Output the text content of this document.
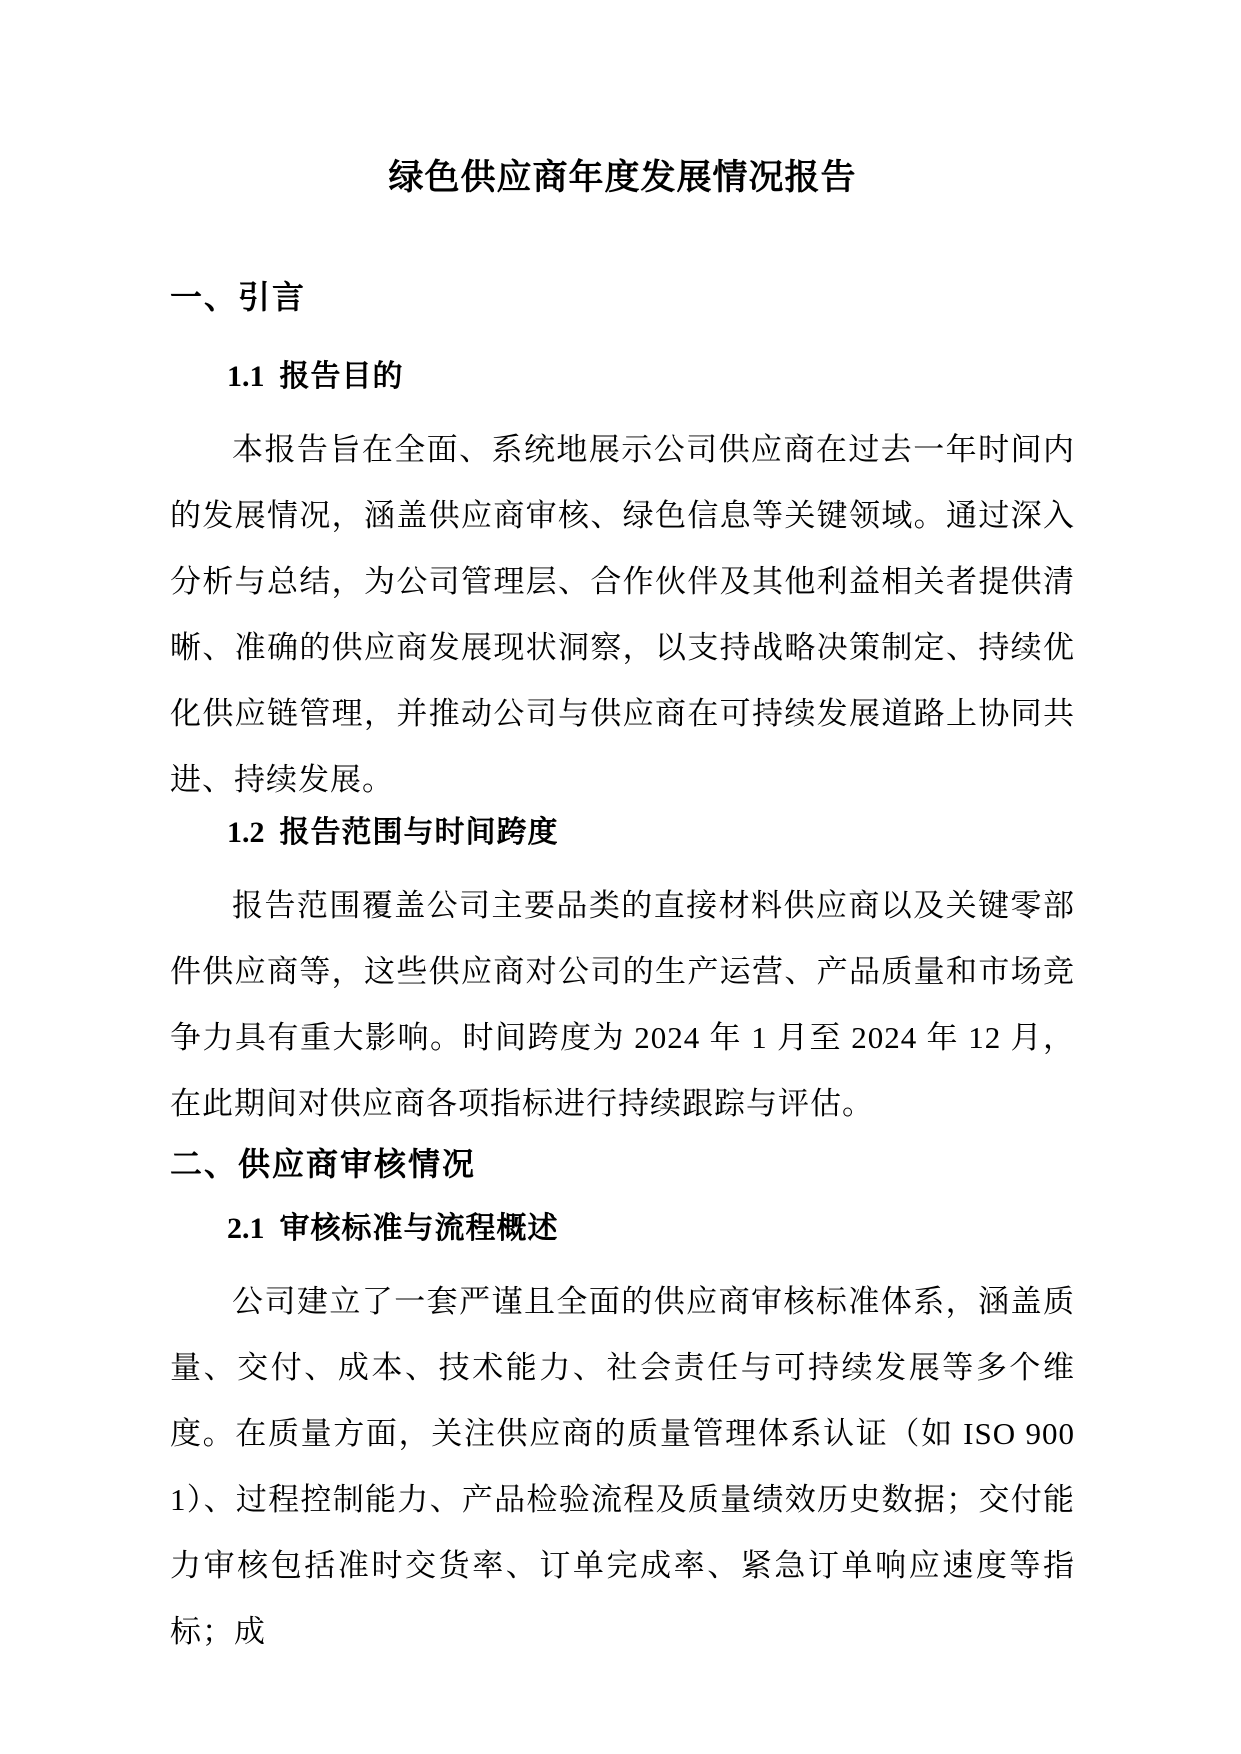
绿色供应商年度发展情况报告
一、引言
1.1 报告目的

本报告旨在全面、系统地展示公司供应商在过去一年时间内的发展情况，涵盖供应商审核、绿色信息等关键领域。通过深入分析与总结，为公司管理层、合作伙伴及其他利益相关者提供清晰、准确的供应商发展现状洞察，以支持战略决策制定、持续优化供应链管理，并推动公司与供应商在可持续发展道路上协同共进、持续发展。

1.2 报告范围与时间跨度

报告范围覆盖公司主要品类的直接材料供应商以及关键零部件供应商等，这些供应商对公司的生产运营、产品质量和市场竞争力具有重大影响。时间跨度为 2024 年 1 月至 2024 年 12 月，在此期间对供应商各项指标进行持续跟踪与评估。

二、供应商审核情况
2.1 审核标准与流程概述

公司建立了一套严谨且全面的供应商审核标准体系，涵盖质量、交付、成本、技术能力、社会责任与可持续发展等多个维度。在质量方面，关注供应商的质量管理体系认证（如 ISO 9001）、过程控制能力、产品检验流程及质量绩效历史数据；交付能力审核包括准时交货率、订单完成率、紧急订单响应速度等指标；成
